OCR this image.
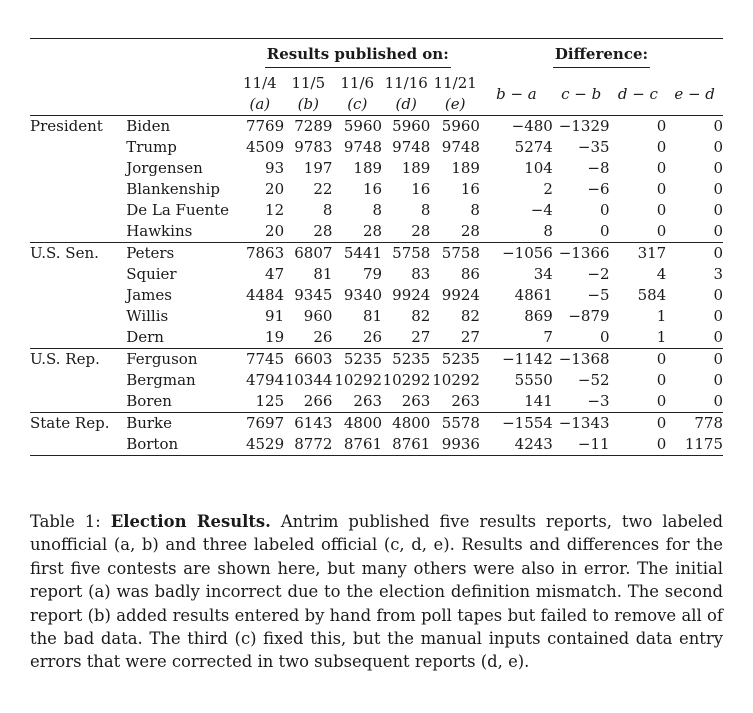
		Results published on:					Difference:			
		11/4	11/5	11/6	11/16	11/21	b − a	c − b	d − c	e − d
		(a)	(b)	(c)	(d)	(e)				
President	Biden	7769	7289	5960	5960	5960	−480	−1329	0	0
	Trump	4509	9783	9748	9748	9748	5274	−35	0	0
	Jorgensen	93	197	189	189	189	104	−8	0	0
	Blankenship	20	22	16	16	16	2	−6	0	0
	De La Fuente	12	8	8	8	8	−4	0	0	0
	Hawkins	20	28	28	28	28	8	0	0	0
U.S. Sen.	Peters	7863	6807	5441	5758	5758	−1056	−1366	317	0
	Squier	47	81	79	83	86	34	−2	4	3
	James	4484	9345	9340	9924	9924	4861	−5	584	0
	Willis	91	960	81	82	82	869	−879	1	0
	Dern	19	26	26	27	27	7	0	1	0
U.S. Rep.	Ferguson	7745	6603	5235	5235	5235	−1142	−1368	0	0
	Bergman	4794	10344	10292	10292	10292	5550	−52	0	0
	Boren	125	266	263	263	263	141	−3	0	0
State Rep.	Burke	7697	6143	4800	4800	5578	−1554	−1343	0	778
	Borton	4529	8772	8761	8761	9936	4243	−11	0	1175
Table 1: Election Results. Antrim published five results reports, two labeled unofficial (a, b) and three labeled official (c, d, e). Results and differences for the first five contests are shown here, but many others were also in error. The initial report (a) was badly incorrect due to the election definition mismatch. The second report (b) added results entered by hand from poll tapes but failed to remove all of the bad data. The third (c) fixed this, but the manual inputs contained data entry errors that were corrected in two subsequent reports (d, e).
